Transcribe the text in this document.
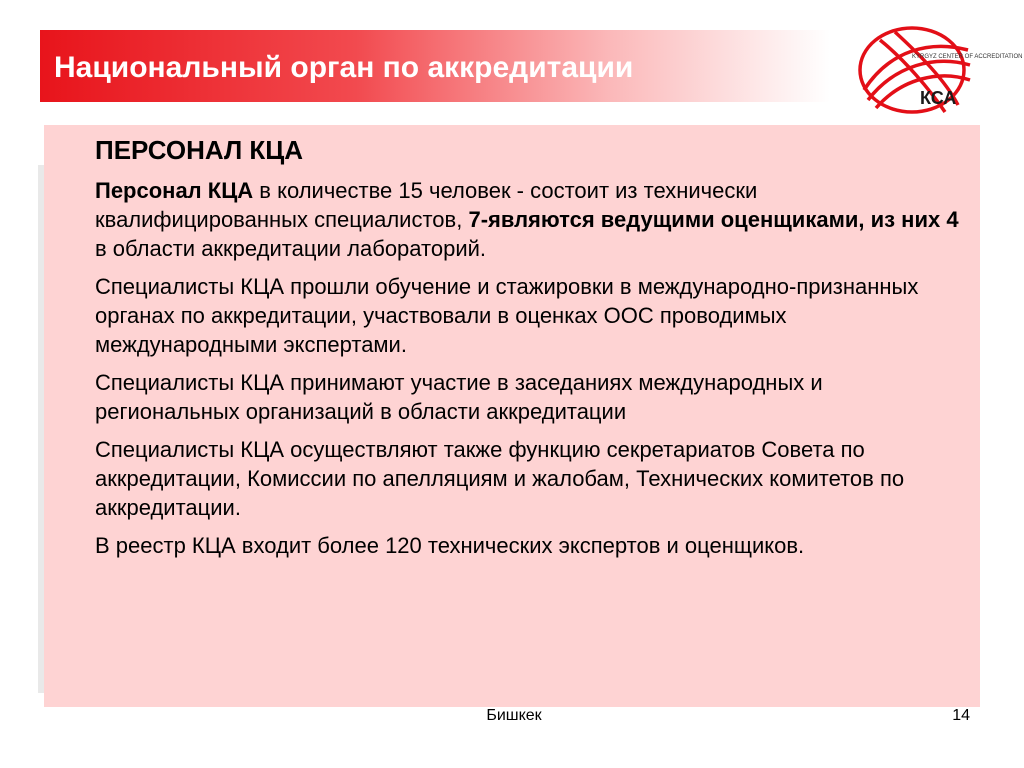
Национальный орган по аккредитации	KYRGYZ CENTER OF ACCREDITATION
КСА
ПЕРСОНАЛ КЦА
Персонал КЦА в количестве 15 человек - состоит из технически квалифицированных специалистов, 7-являются ведущими оценщиками, из них 4 в области аккредитации лабораторий.
Специалисты КЦА прошли обучение и стажировки в международно-признанных органах по аккредитации, участвовали в оценках ООС проводимых международными экспертами.
Специалисты КЦА принимают участие в заседаниях международных и региональных организаций в области аккредитации
Специалисты КЦА осуществляют также функцию секретариатов Совета по аккредитации, Комиссии по апелляциям и жалобам, Технических комитетов по аккредитации.
В реестр КЦА входит более 120 технических экспертов и оценщиков.
Бишкек	14
